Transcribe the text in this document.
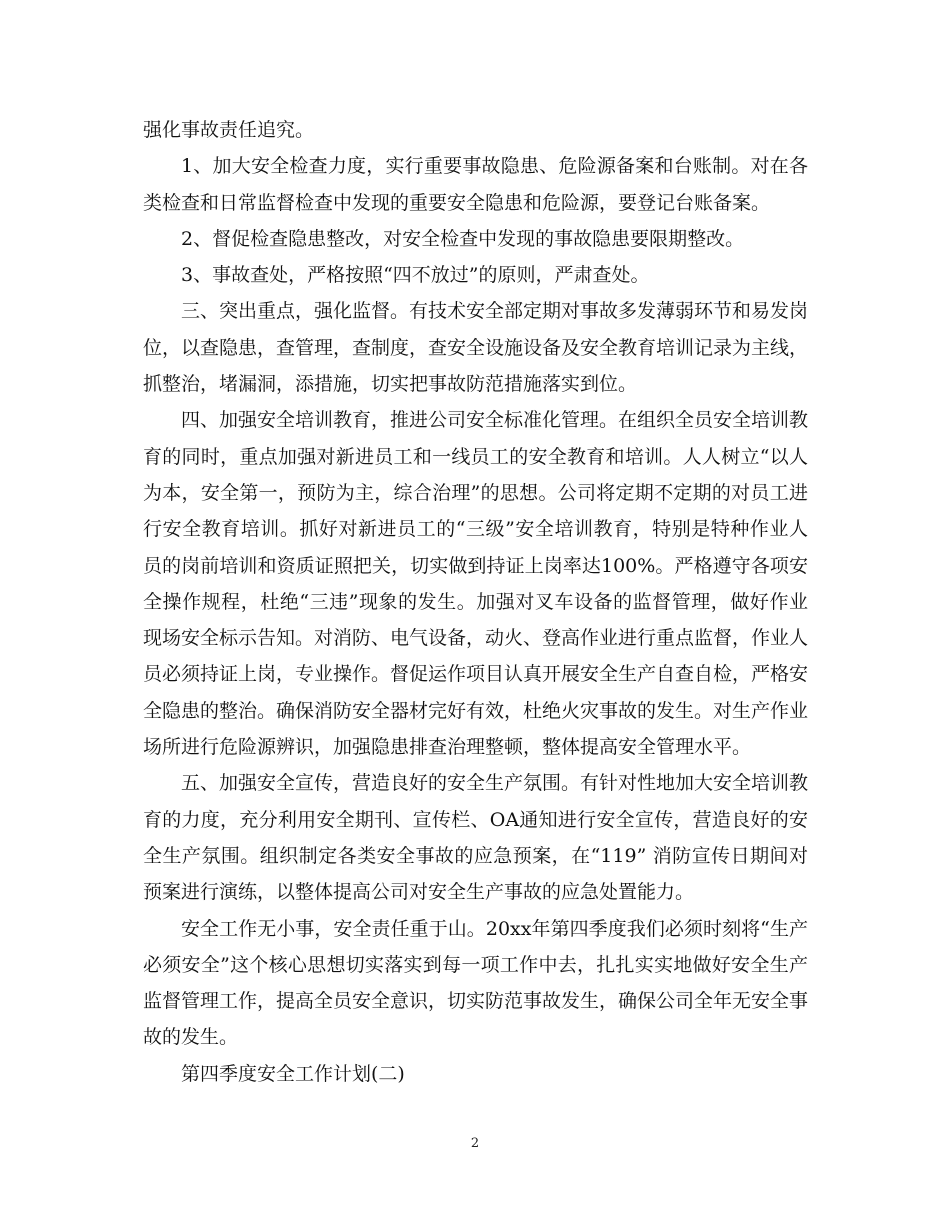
强化事故责任追究。

1、加大安全检查力度，实行重要事故隐患、危险源备案和台账制。对在各类检查和日常监督检查中发现的重要安全隐患和危险源，要登记台账备案。

2、督促检查隐患整改，对安全检查中发现的事故隐患要限期整改。

3、事故查处，严格按照“四不放过”的原则，严肃查处。

三、突出重点，强化监督。有技术安全部定期对事故多发薄弱环节和易发岗位，以查隐患，查管理，查制度，查安全设施设备及安全教育培训记录为主线，抓整治，堵漏洞，添措施，切实把事故防范措施落实到位。

四、加强安全培训教育，推进公司安全标准化管理。在组织全员安全培训教育的同时，重点加强对新进员工和一线员工的安全教育和培训。人人树立“以人为本，安全第一，预防为主，综合治理”的思想。公司将定期不定期的对员工进行安全教育培训。抓好对新进员工的“三级”安全培训教育，特别是特种作业人员的岗前培训和资质证照把关，切实做到持证上岗率达100%。严格遵守各项安全操作规程，杜绝“三违”现象的发生。加强对叉车设备的监督管理，做好作业现场安全标示告知。对消防、电气设备，动火、登高作业进行重点监督，作业人员必须持证上岗，专业操作。督促运作项目认真开展安全生产自查自检，严格安全隐患的整治。确保消防安全器材完好有效，杜绝火灾事故的发生。对生产作业场所进行危险源辨识，加强隐患排查治理整顿，整体提高安全管理水平。

五、加强安全宣传，营造良好的安全生产氛围。有针对性地加大安全培训教育的力度，充分利用安全期刊、宣传栏、OA通知进行安全宣传，营造良好的安全生产氛围。组织制定各类安全事故的应急预案，在“119” 消防宣传日期间对预案进行演练，以整体提高公司对安全生产事故的应急处置能力。

安全工作无小事，安全责任重于山。20xx年第四季度我们必须时刻将“生产必须安全”这个核心思想切实落实到每一项工作中去，扎扎实实地做好安全生产监督管理工作，提高全员安全意识，切实防范事故发生，确保公司全年无安全事故的发生。

第四季度安全工作计划(二)

2
